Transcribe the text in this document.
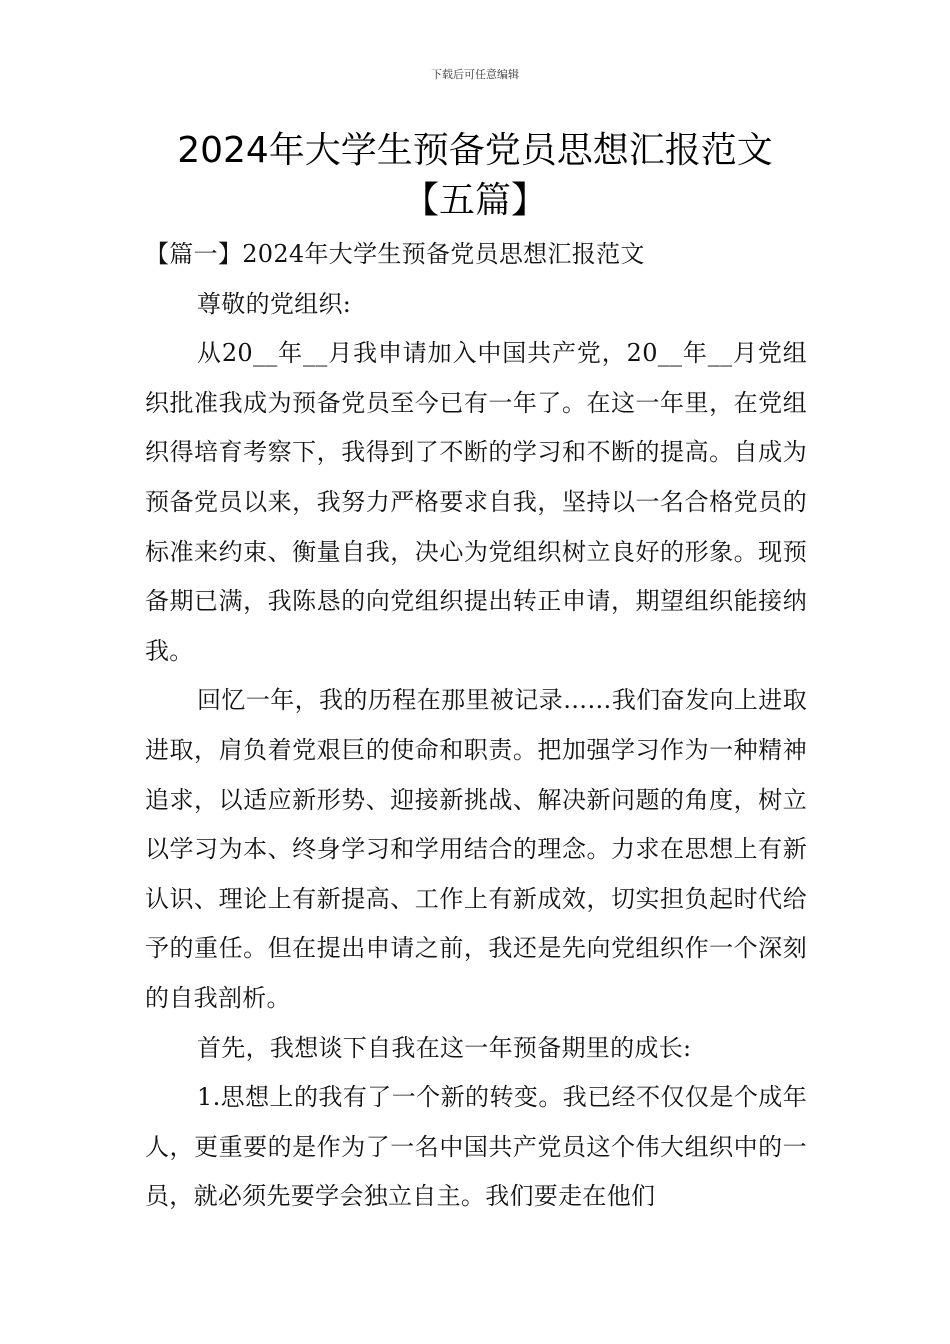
下载后可任意编辑
2024年大学生预备党员思想汇报范文【五篇】

【篇一】2024年大学生预备党员思想汇报范文

尊敬的党组织:

从20__年__月我申请加入中国共产党，20__年__月党组织批准我成为预备党员至今已有一年了。在这一年里，在党组织得培育考察下，我得到了不断的学习和不断的提高。自成为预备党员以来，我努力严格要求自我，坚持以一名合格党员的标准来约束、衡量自我，决心为党组织树立良好的形象。现预备期已满，我陈恳的向党组织提出转正申请，期望组织能接纳我。

回忆一年，我的历程在那里被记录……我们奋发向上进取进取，肩负着党艰巨的使命和职责。把加强学习作为一种精神追求，以适应新形势、迎接新挑战、解决新问题的角度，树立以学习为本、终身学习和学用结合的理念。力求在思想上有新认识、理论上有新提高、工作上有新成效，切实担负起时代给予的重任。但在提出申请之前，我还是先向党组织作一个深刻的自我剖析。

首先，我想谈下自我在这一年预备期里的成长:

1.思想上的我有了一个新的转变。我已经不仅仅是个成年人，更重要的是作为了一名中国共产党员这个伟大组织中的一员，就必须先要学会独立自主。我们要走在他们
